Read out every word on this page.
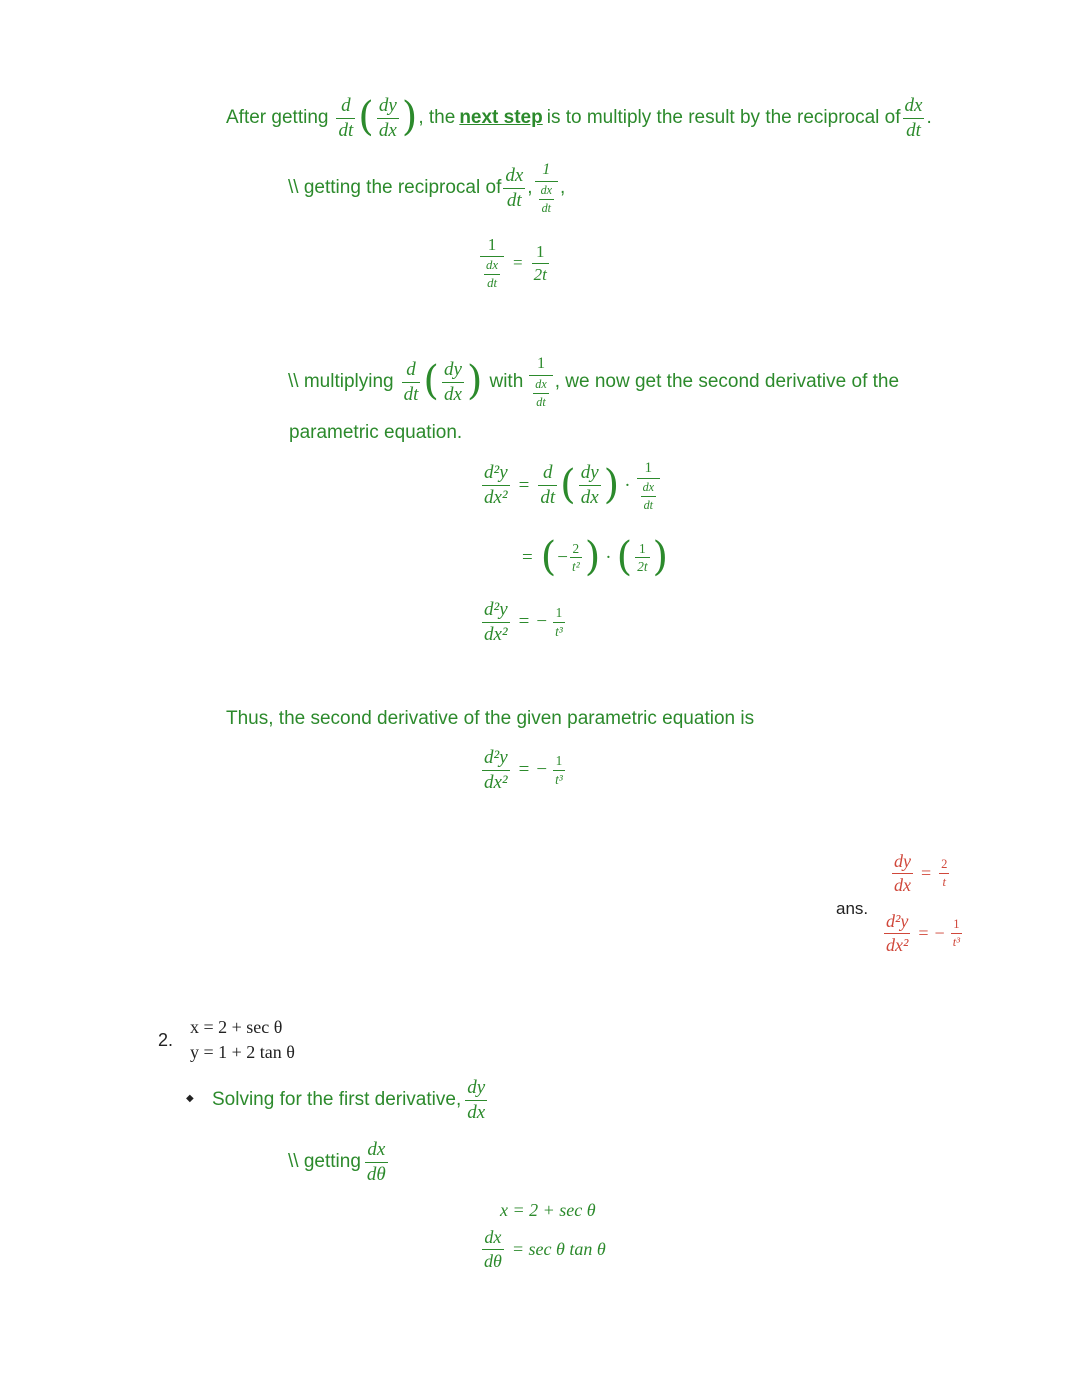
After getting $\frac{d}{dt}$ ( $\frac{dy}{dx}$ ) , the next step is to multiply the result by the reciprocal of $\frac{dx}{dt}$ .
\\ getting the reciprocal of $\frac{dx}{dt}$ , $\frac{1}{\frac{dx}{dt}}$ ,
$\frac{1}{\frac{dx}{dt}} = \frac{1}{2t}$
\\ multiplying $\frac{d}{dt}$ ( $\frac{dy}{dx}$ ) with $\frac{1}{\frac{dx}{dt}}$ , we now get the second derivative of the
parametric equation.
$\frac{\text{d²y}}{\text{dx²}} = \frac{d}{dt}$ ( $\frac{dy}{dx}$ ) · $\frac{1}{\frac{dx}{dt}}$
= ( − $\frac{2}{\text{t²}}$ ) · ( $\frac{1}{2t}$ )
$\frac{\text{d²y}}{\text{dx²}}$ = − $\frac{1}{\text{t³}}$
Thus, the second derivative of the given parametric equation is
$\frac{\text{d²y}}{\text{dx²}}$ = − $\frac{1}{\text{t³}}$
ans.
$\frac{dy}{dx} = \frac{2}{t}$
$\frac{\text{d²y}}{\text{dx²}}$ = − $\frac{1}{\text{t³}}$
2.
x = 2 + sec θ
y = 1 + 2 tan θ
◆ Solving for the first derivative, $\frac{dy}{dx}$
\\ getting $\frac{dx}{d\theta}$
x = 2 + sec θ
$\frac{dx}{d\theta} = \sec \theta$ tan θ
